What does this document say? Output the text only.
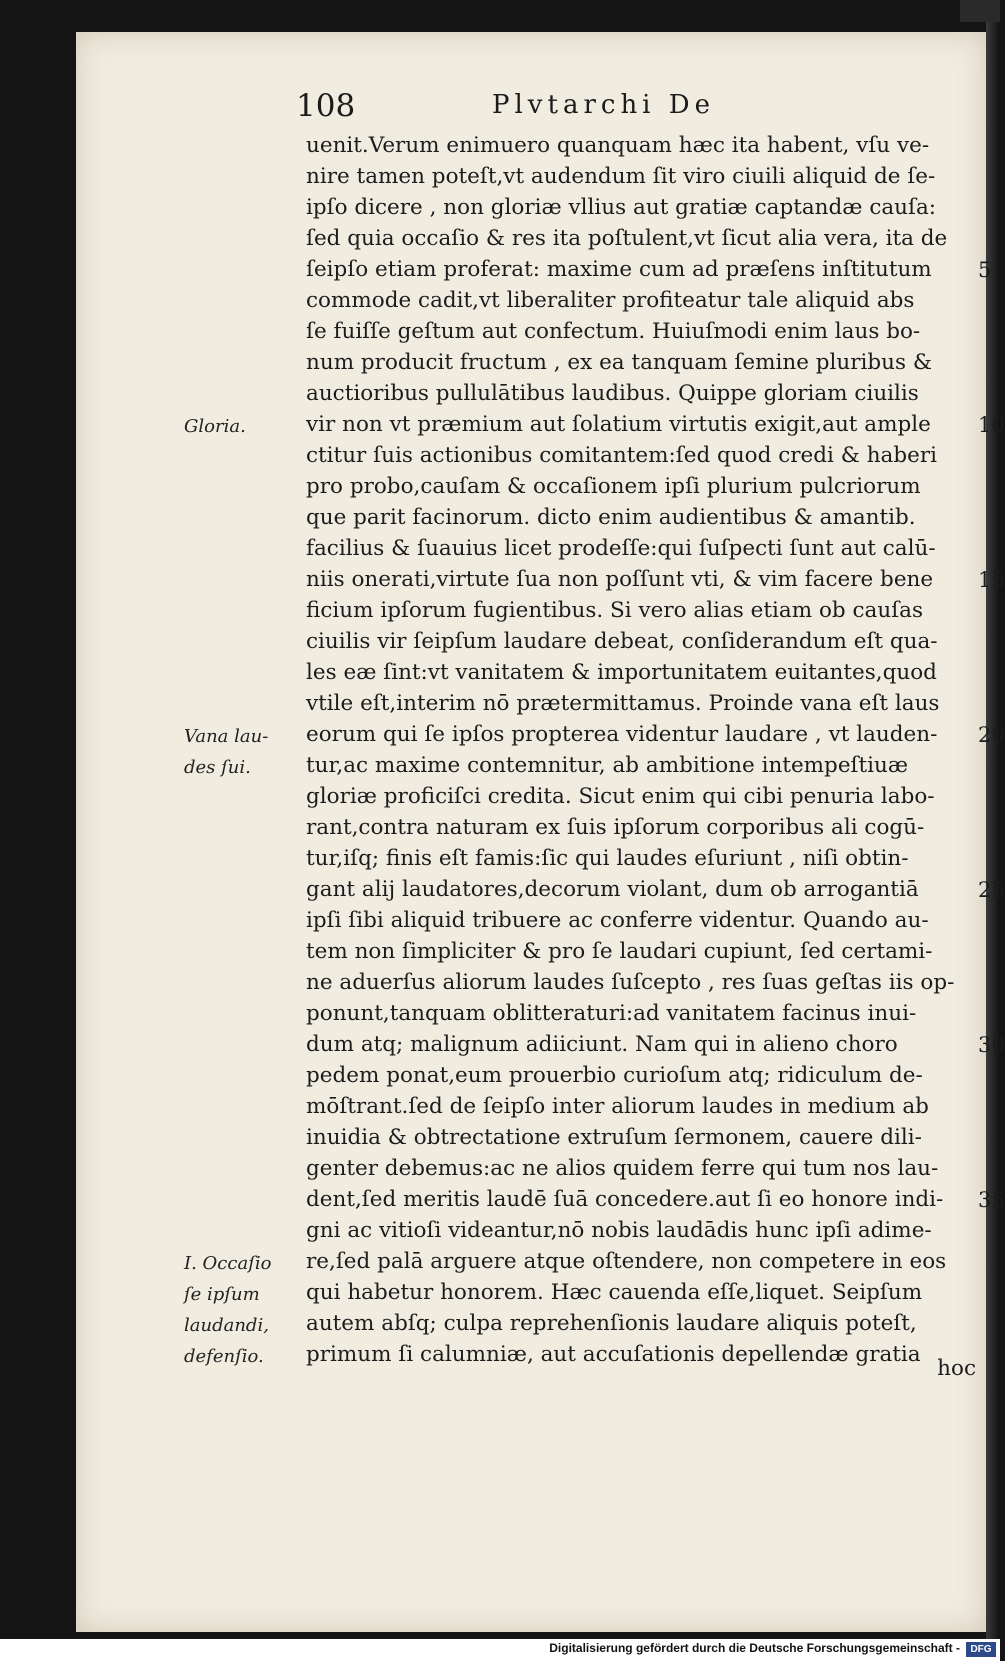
108	Plvtarchi De
uenit.Verum enimuero quanquam hæc ita habent, vſu ve-
nire tamen poteſt,vt audendum ſit viro ciuili aliquid de ſe-
ipſo dicere , non gloriæ vllius aut gratiæ captandæ cauſa:
ſed quia occaſio & res ita poſtulent,vt ſicut alia vera, ita de
ſeipſo etiam proferat: maxime cum ad præſens inſtitutum
commode cadit,vt liberaliter profiteatur tale aliquid abs
ſe fuiſſe geſtum aut confectum. Huiuſmodi enim laus bo-
num producit fructum , ex ea tanquam ſemine pluribus &
auctioribus pullulātibus laudibus. Quippe gloriam ciuilis
vir non vt præmium aut ſolatium virtutis exigit,aut ample
ctitur ſuis actionibus comitantem:ſed quod credi & haberi
pro probo,cauſam & occaſionem ipſi plurium pulcriorum
que parit facinorum. dicto enim audientibus & amantib.
facilius & ſuauius licet prodeſſe:qui ſuſpecti ſunt aut calū-
niis onerati,virtute ſua non poſſunt vti, & vim facere bene
ficium ipſorum fugientibus. Si vero alias etiam ob cauſas
ciuilis vir ſeipſum laudare debeat, conſiderandum eſt qua-
les eæ ſint:vt vanitatem & importunitatem euitantes,quod
vtile eſt,interim nō prætermittamus. Proinde vana eſt laus
eorum qui ſe ipſos propterea videntur laudare , vt lauden-
tur,ac maxime contemnitur, ab ambitione intempeſtiuæ
gloriæ proficiſci credita. Sicut enim qui cibi penuria labo-
rant,contra naturam ex ſuis ipſorum corporibus ali cogū-
tur,iſq; finis eſt famis:ſic qui laudes eſuriunt , niſi obtin-
gant alij laudatores,decorum violant, dum ob arrogantiā
ipſi ſibi aliquid tribuere ac conferre videntur. Quando au-
tem non ſimpliciter & pro ſe laudari cupiunt, ſed certami-
ne aduerſus aliorum laudes ſuſcepto , res ſuas geſtas iis op-
ponunt,tanquam oblitteraturi:ad vanitatem facinus inui-
dum atq; malignum adiiciunt. Nam qui in alieno choro
pedem ponat,eum prouerbio curioſum atq; ridiculum de-
mōſtrant.ſed de ſeipſo inter aliorum laudes in medium ab
inuidia & obtrectatione extruſum ſermonem, cauere dili-
genter debemus:ac ne alios quidem ferre qui tum nos lau-
dent,ſed meritis laudē ſuā concedere.aut ſi eo honore indi-
gni ac vitioſi videantur,nō nobis laudādis hunc ipſi adime-
re,ſed palā arguere atque oſtendere, non competere in eos
qui habetur honorem. Hæc cauenda eſſe,liquet. Seipſum
autem abſq; culpa reprehenſionis laudare aliquis poteſt,
primum ſi calumniæ, aut accuſationis depellendæ gratia
hoc
5
10
15
20
25
30
35
Gloria.
Vana lau-
des ſui.
I. Occaſio
ſe ipſum
laudandi,
defenſio.
Digitalisierung gefördert durch die Deutsche Forschungsgemeinschaft -	DFG
